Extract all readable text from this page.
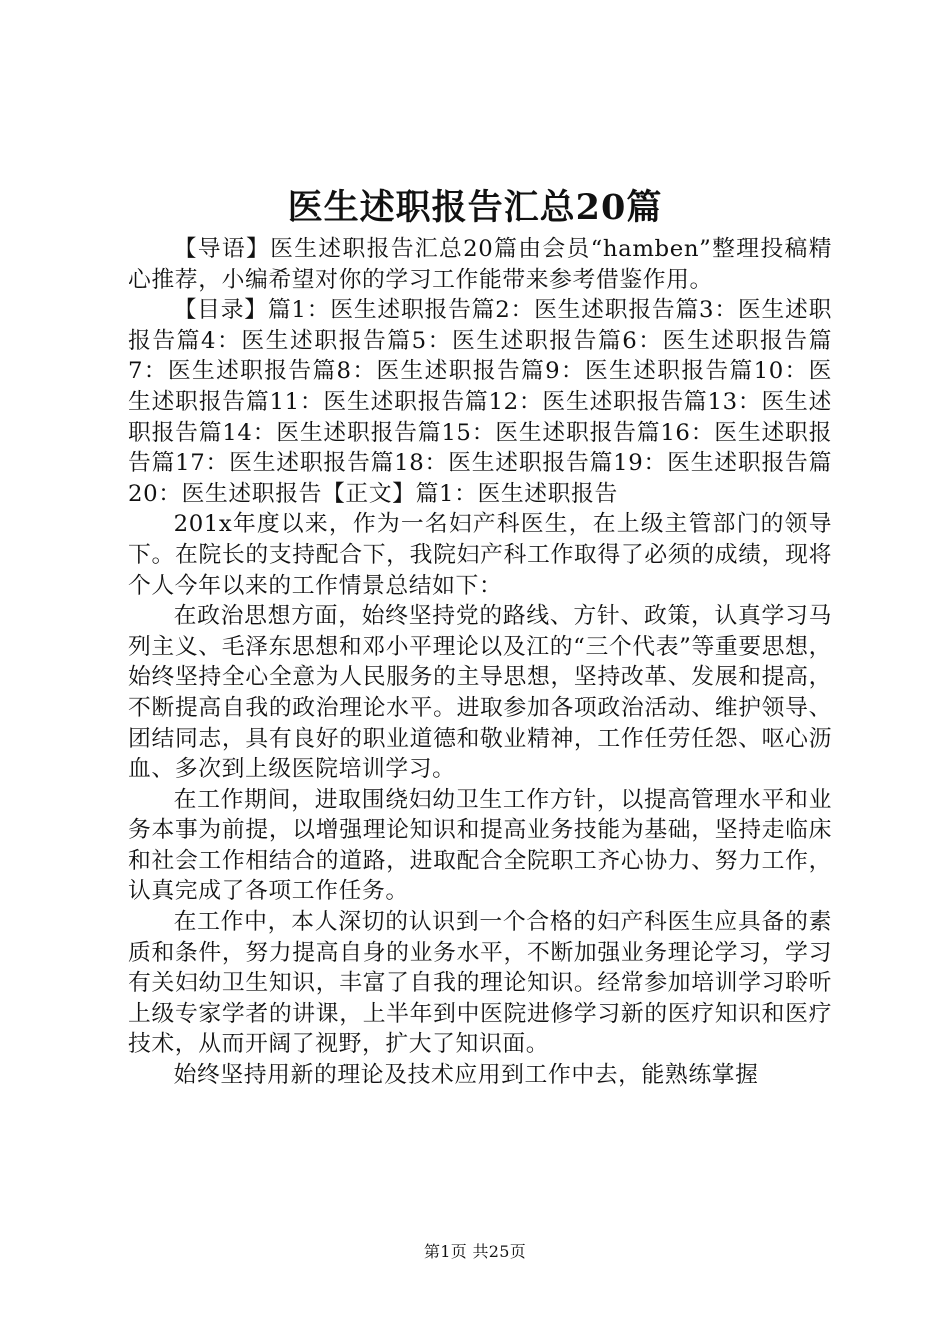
医生述职报告汇总20篇

【导语】医生述职报告汇总20篇由会员“hamben”整理投稿精心推荐，小编希望对你的学习工作能带来参考借鉴作用。

【目录】篇1：医生述职报告篇2：医生述职报告篇3：医生述职报告篇4：医生述职报告篇5：医生述职报告篇6：医生述职报告篇7：医生述职报告篇8：医生述职报告篇9：医生述职报告篇10：医生述职报告篇11：医生述职报告篇12：医生述职报告篇13：医生述职报告篇14：医生述职报告篇15：医生述职报告篇16：医生述职报告篇17：医生述职报告篇18：医生述职报告篇19：医生述职报告篇20：医生述职报告【正文】篇1：医生述职报告

201x年度以来，作为一名妇产科医生，在上级主管部门的领导下。在院长的支持配合下，我院妇产科工作取得了必须的成绩，现将个人今年以来的工作情景总结如下：

在政治思想方面，始终坚持党的路线、方针、政策，认真学习马列主义、毛泽东思想和邓小平理论以及江的“三个代表”等重要思想，始终坚持全心全意为人民服务的主导思想，坚持改革、发展和提高，不断提高自我的政治理论水平。进取参加各项政治活动、维护领导、团结同志，具有良好的职业道德和敬业精神，工作任劳任怨、呕心沥血、多次到上级医院培训学习。

在工作期间，进取围绕妇幼卫生工作方针，以提高管理水平和业务本事为前提，以增强理论知识和提高业务技能为基础，坚持走临床和社会工作相结合的道路，进取配合全院职工齐心协力、努力工作，认真完成了各项工作任务。

在工作中，本人深切的认识到一个合格的妇产科医生应具备的素质和条件，努力提高自身的业务水平，不断加强业务理论学习，学习有关妇幼卫生知识，丰富了自我的理论知识。经常参加培训学习聆听上级专家学者的讲课，上半年到中医院进修学习新的医疗知识和医疗技术，从而开阔了视野，扩大了知识面。

始终坚持用新的理论及技术应用到工作中去，能熟练掌握

第1页 共25页
